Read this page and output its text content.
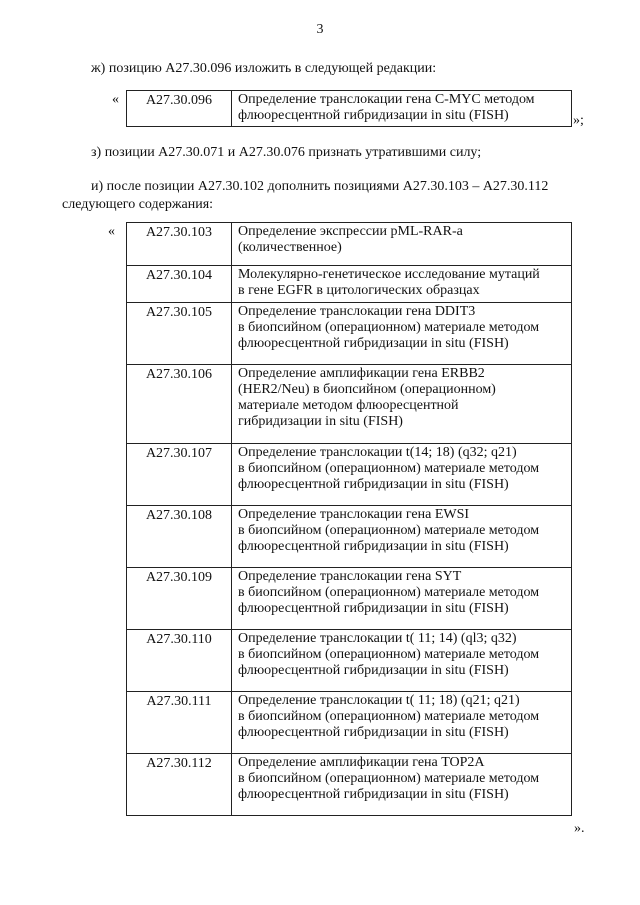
3
ж) позицию А27.30.096 изложить в следующей редакции:
« A27.30.096	Определение транслокации гена C-MYC методом
флюоресцентной гибридизации in situ (FISH)	»;
з) позиции А27.30.071 и А27.30.076 признать утратившими силу;
и) после позиции А27.30.102 дополнить позициями А27.30.103 – А27.30.112
следующего содержания:
« A27.30.103	Определение экспрессии pML-RAR-a
(количественное)

A27.30.104	Молекулярно-генетическое исследование мутаций
в гене EGFR в цитологических образцах

A27.30.105	Определение транслокации гена DDIT3
в биопсийном (операционном) материале методом
флюоресцентной гибридизации in situ (FISH)

A27.30.106	Определение амплификации гена ERBB2
(HER2/Neu) в биопсийном (операционном)
материале методом флюоресцентной
гибридизации in situ (FISH)

A27.30.107	Определение транслокации t(14; 18) (q32; q21)
в биопсийном (операционном) материале методом
флюоресцентной гибридизации in situ (FISH)

A27.30.108	Определение транслокации гена EWSI
в биопсийном (операционном) материале методом
флюоресцентной гибридизации in situ (FISH)

A27.30.109	Определение транслокации гена SYT
в биопсийном (операционном) материале методом
флюоресцентной гибридизации in situ (FISH)

A27.30.110	Определение транслокации t( 11; 14) (ql3; q32)
в биопсийном (операционном) материале методом
флюоресцентной гибридизации in situ (FISH)

A27.30.111	Определение транслокации t( 11; 18) (q21; q21)
в биопсийном (операционном) материале методом
флюоресцентной гибридизации in situ (FISH)

A27.30.112	Определение амплификации гена TOP2A
в биопсийном (операционном) материале методом
флюоресцентной гибридизации in situ (FISH)
».
